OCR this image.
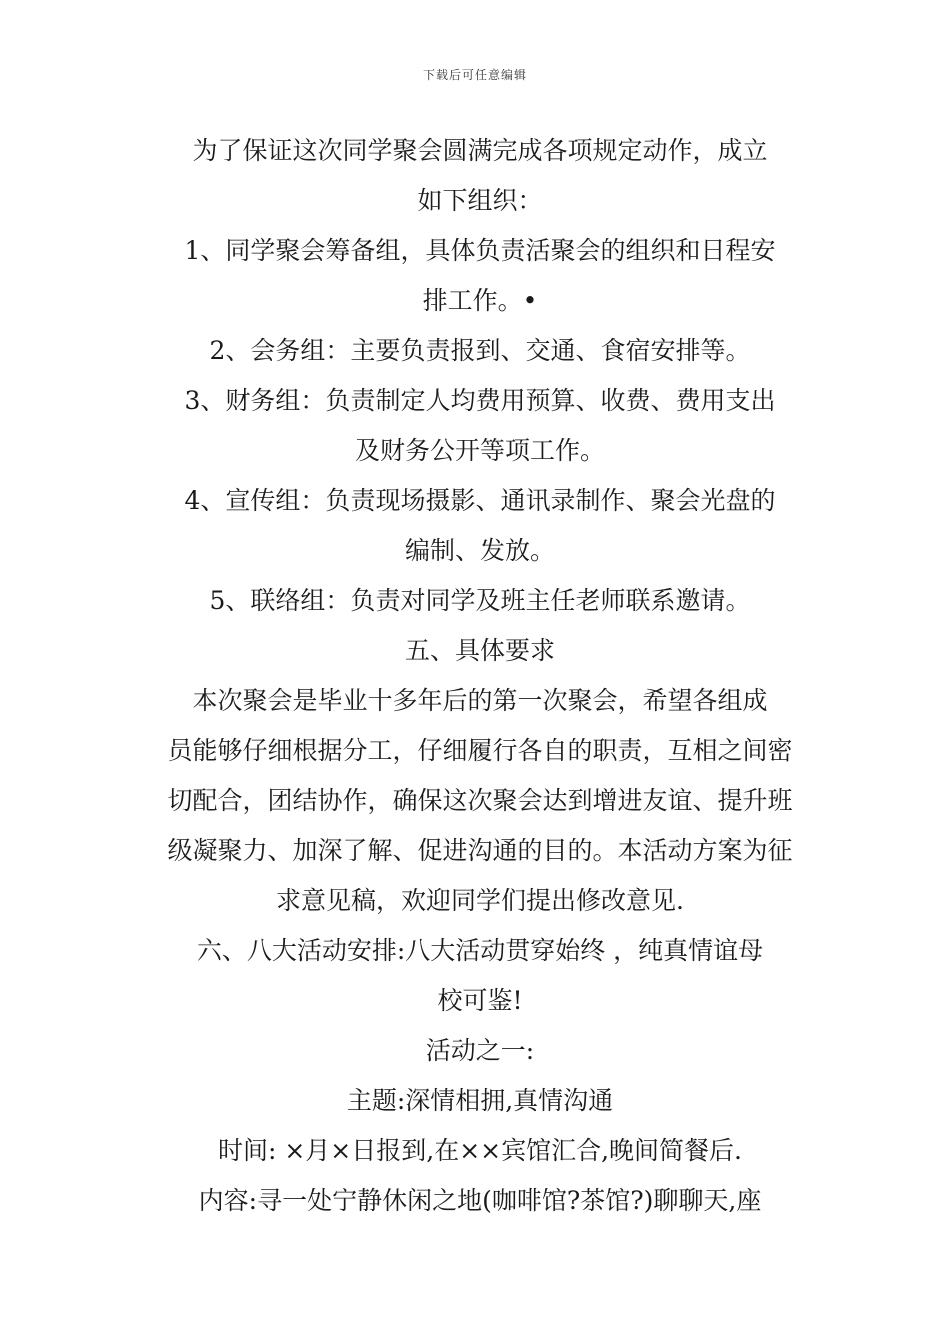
下载后可任意编辑
为了保证这次同学聚会圆满完成各项规定动作，成立
如下组织：
1、同学聚会筹备组，具体负责活聚会的组织和日程安
排工作。•
2、会务组：主要负责报到、交通、食宿安排等。
3、财务组：负责制定人均费用预算、收费、费用支出
及财务公开等项工作。
4、宣传组：负责现场摄影、通讯录制作、聚会光盘的
编制、发放。
5、联络组：负责对同学及班主任老师联系邀请。
五、具体要求
本次聚会是毕业十多年后的第一次聚会，希望各组成
员能够仔细根据分工，仔细履行各自的职责，互相之间密
切配合，团结协作，确保这次聚会达到增进友谊、提升班
级凝聚力、加深了解、促进沟通的目的。本活动方案为征
求意见稿，欢迎同学们提出修改意见.
六、八大活动安排:八大活动贯穿始终 ，纯真情谊母
校可鉴!
活动之一:
主题:深情相拥,真情沟通
时间: ×月×日报到,在××宾馆汇合,晚间简餐后.
内容:寻一处宁静休闲之地(咖啡馆?茶馆?)聊聊天,座
